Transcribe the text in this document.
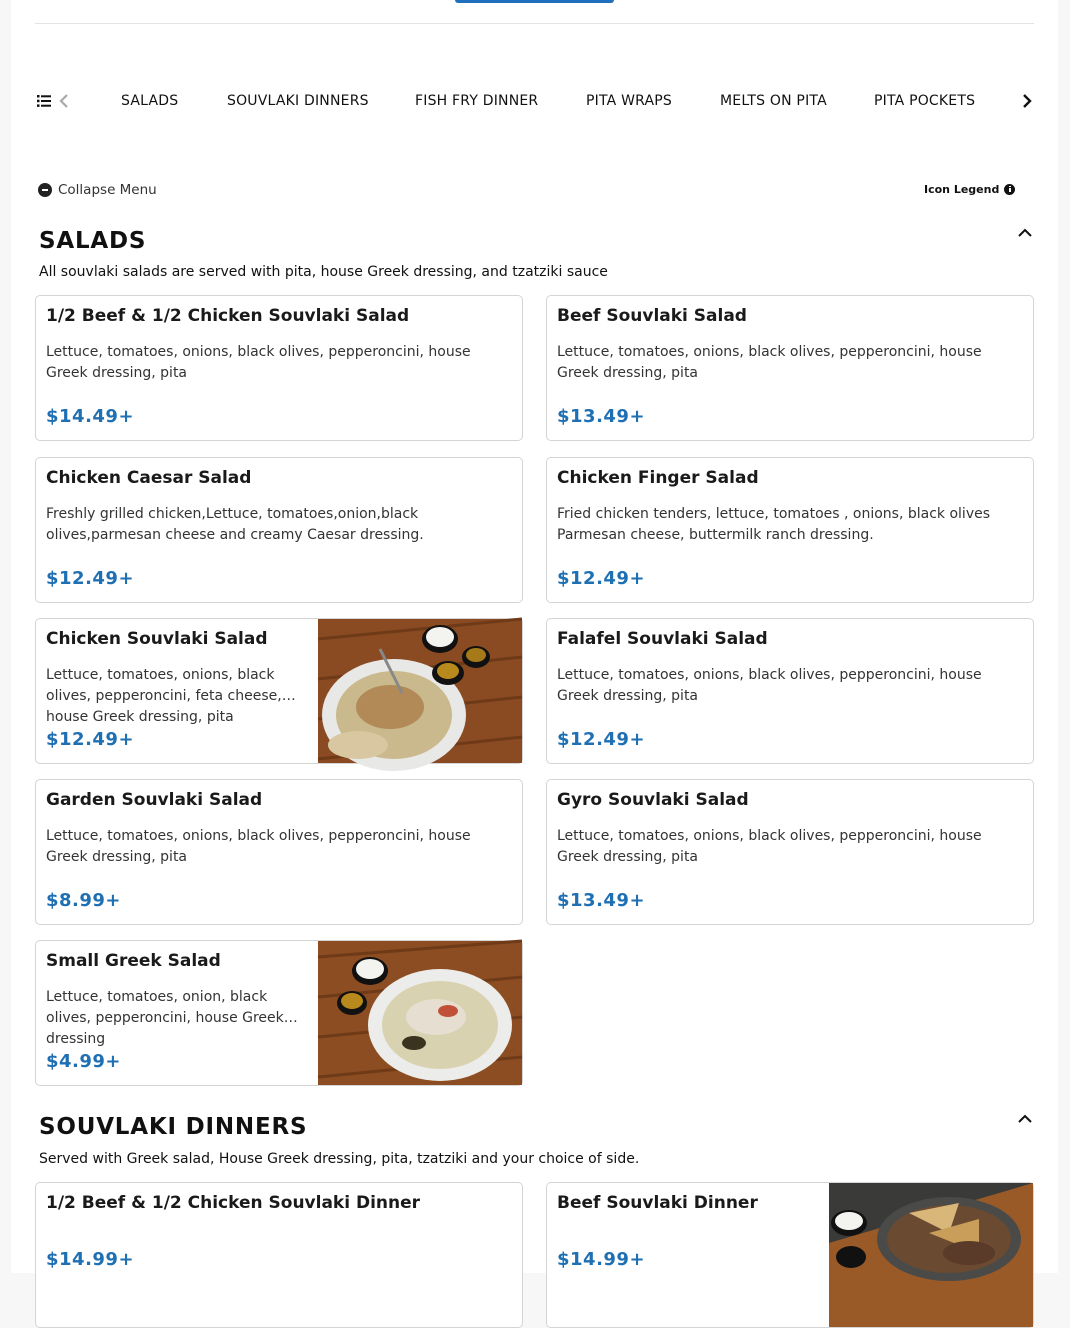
SALADS	SOUVLAKI DINNERS	FISH FRY DINNER	PITA WRAPS	MELTS ON PITA	PITA POCKETS
Collapse Menu	Icon Legend
SALADS
All souvlaki salads are served with pita, house Greek dressing, and tzatziki sauce
1/2 Beef & 1/2 Chicken Souvlaki Salad
Lettuce, tomatoes, onions, black olives, pepperoncini, house Greek dressing, pita
$14.49+
Beef Souvlaki Salad
Lettuce, tomatoes, onions, black olives, pepperoncini, house Greek dressing, pita
$13.49+
Chicken Caesar Salad
Freshly grilled chicken,Lettuce, tomatoes,onion,black olives,parmesan cheese and creamy Caesar dressing.
$12.49+
Chicken Finger Salad
Fried chicken tenders, lettuce, tomatoes , onions, black olives Parmesan cheese, buttermilk ranch dressing.
$12.49+
Chicken Souvlaki Salad
Lettuce, tomatoes, onions, black olives, pepperoncini, feta cheese, house Greek dressing, pita
$12.49+
Falafel Souvlaki Salad
Lettuce, tomatoes, onions, black olives, pepperoncini, house Greek dressing, pita
$12.49+
Garden Souvlaki Salad
Lettuce, tomatoes, onions, black olives, pepperoncini, house Greek dressing, pita
$8.99+
Gyro Souvlaki Salad
Lettuce, tomatoes, onions, black olives, pepperoncini, house Greek dressing, pita
$13.49+
Small Greek Salad
Lettuce, tomatoes, onion, black olives, pepperoncini, house Greek dressing
$4.99+
SOUVLAKI DINNERS
Served with Greek salad, House Greek dressing, pita, tzatziki and your choice of side.
1/2 Beef & 1/2 Chicken Souvlaki Dinner
$14.99+
Beef Souvlaki Dinner
$14.99+
